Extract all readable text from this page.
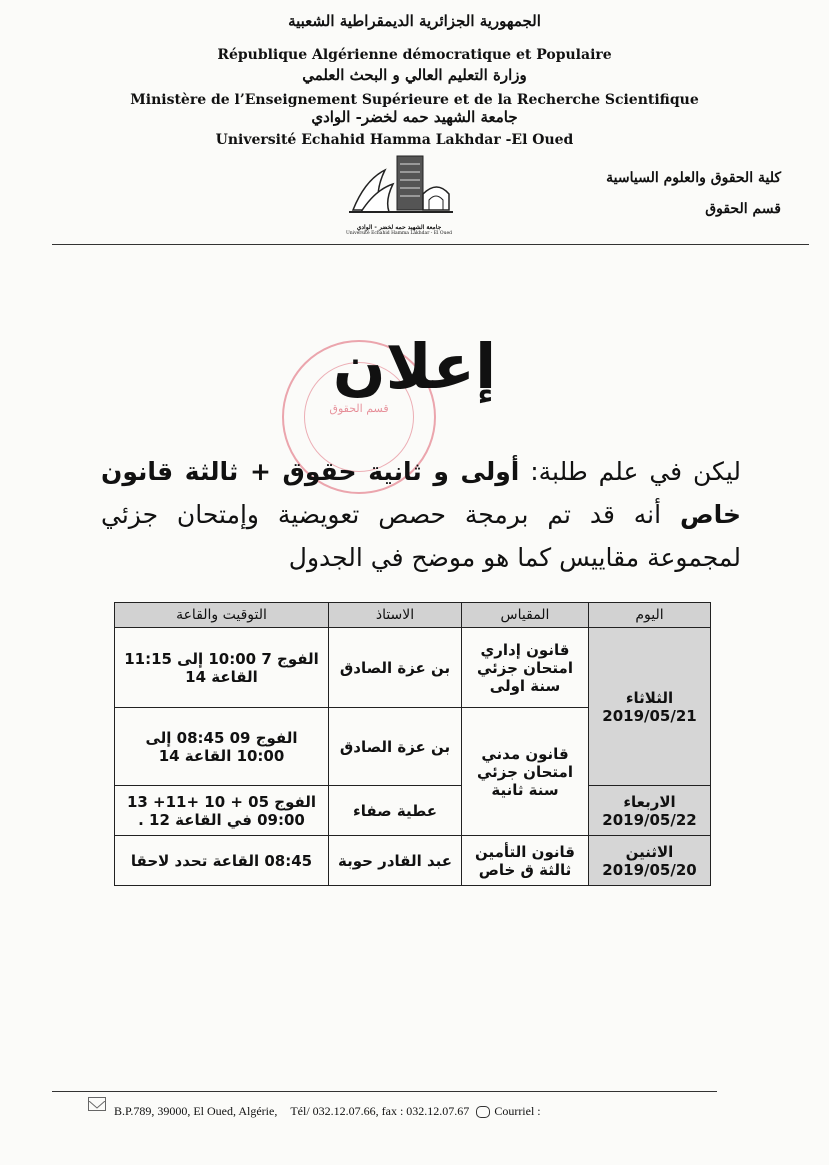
الجمهورية الجزائرية الديمقراطية الشعبية
République Algérienne démocratique et Populaire
وزارة التعليم العالي و البحث العلمي
Ministère de l’Enseignement Supérieure et de la Recherche Scientifique
جامعة الشهيد حمه لخضر- الوادي
Université Echahid Hamma Lakhdar -El Oued
جامعة الشهيد حمه لخضر - الوادي
Université Echahid Hamma Lakhdar - El Oued
كلية الحقوق والعلوم السياسية
قسم الحقوق
قسم الحقوق
إعلان
ليكن في علم طلبة: أولى و ثانية حقوق + ثالثة قانون خاص أنه قد تم برمجة حصص تعويضية وإمتحان جزئي لمجموعة مقاييس كما هو موضح في الجدول
اليوم	المقياس	الاستاذ	التوقيت والقاعة
الثلاثاء 2019/05/21	قانون إداري امتحان جزئي سنة اولى	بن عزة الصادق	الفوج 7 10:00 إلى 11:15 القاعة 14
	قانون مدني امتحان جزئي سنة ثانية	بن عزة الصادق	الفوج 09 08:45 إلى 10:00 القاعة 14
الاربعاء 2019/05/22		عطية صفاء	الفوج 05 + 10 +11+ 13 09:00 في القاعة 12 .
الاثنين 2019/05/20	قانون التأمين ثالثة ق خاص	عبد القادر حوبة	08:45 القاعة تحدد لاحقا
B.P.789, 39000, El Oued, Algérie, Tél/ 032.12.07.66, fax : 032.12.07.67 Courriel :
